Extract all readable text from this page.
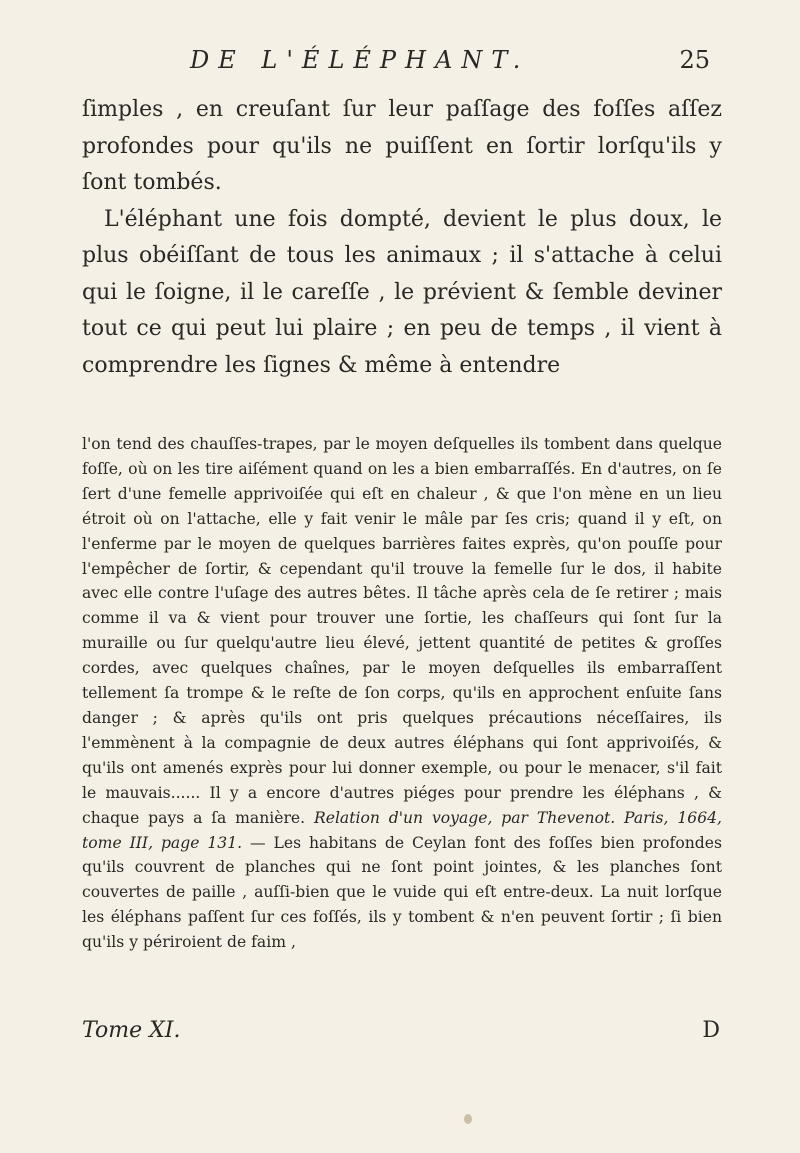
DE L'ÉLÉPHANT.	25

ſimples , en creuſant ſur leur paſſage des foſſes aſſez profondes pour qu'ils ne puiſſent en ſortir lorſqu'ils y ſont tombés.

L'éléphant une fois dompté, devient le plus doux, le plus obéiſſant de tous les animaux ; il s'attache à celui qui le ſoigne, il le careſſe , le prévient & ſemble deviner tout ce qui peut lui plaire ; en peu de temps , il vient à comprendre les ſignes & même à entendre

l'on tend des chauſſes-trapes, par le moyen deſquelles ils tombent dans quelque foſſe, où on les tire aiſément quand on les a bien embarraſſés. En d'autres, on ſe ſert d'une femelle apprivoiſée qui eſt en chaleur , & que l'on mène en un lieu étroit où on l'attache, elle y fait venir le mâle par ſes cris; quand il y eſt, on l'enferme par le moyen de quelques barrières faites exprès, qu'on pouſſe pour l'empêcher de ſortir, & cependant qu'il trouve la femelle ſur le dos, il habite avec elle contre l'uſage des autres bêtes. Il tâche après cela de ſe retirer ; mais comme il va & vient pour trouver une ſortie, les chaſſeurs qui ſont ſur la muraille ou ſur quelqu'autre lieu élevé, jettent quantité de petites & groſſes cordes, avec quelques chaînes, par le moyen deſquelles ils embarraſſent tellement ſa trompe & le reſte de ſon corps, qu'ils en approchent enſuite ſans danger ; & après qu'ils ont pris quelques précautions néceſſaires, ils l'emmènent à la compagnie de deux autres éléphans qui ſont apprivoiſés, & qu'ils ont amenés exprès pour lui donner exemple, ou pour le menacer, s'il fait le mauvais...... Il y a encore d'autres piéges pour prendre les éléphans , & chaque pays a ſa manière. Relation d'un voyage, par Thevenot. Paris, 1664, tome III, page 131. — Les habitans de Ceylan font des foſſes bien profondes qu'ils couvrent de planches qui ne ſont point jointes, & les planches ſont couvertes de paille , auſſi-bien que le vuide qui eſt entre-deux. La nuit lorſque les éléphans paſſent ſur ces foſſés, ils y tombent & n'en peuvent ſortir ; ſi bien qu'ils y périroient de faim ,

Tome XI.	D
